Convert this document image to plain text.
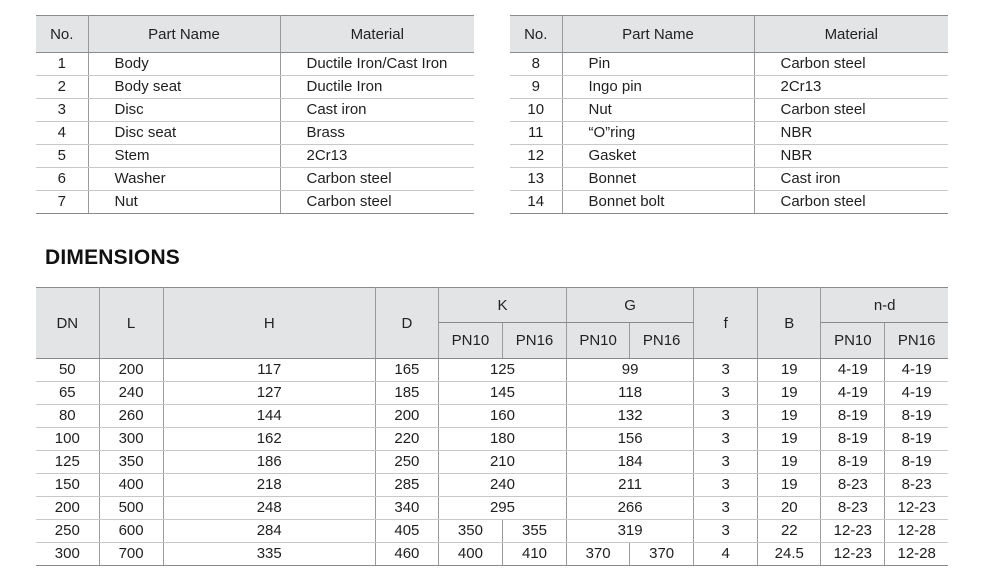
No.	Part Name	Material
1	Body	Ductile Iron/Cast Iron
2	Body seat	Ductile Iron
3	Disc	Cast iron
4	Disc seat	Brass
5	Stem	2Cr13
6	Washer	Carbon steel
7	Nut	Carbon steel
No.	Part Name	Material
8	Pin	Carbon steel
9	Ingo pin	2Cr13
10	Nut	Carbon steel
11	“O”ring	NBR
12	Gasket	NBR
13	Bonnet	Cast iron
14	Bonnet bolt	Carbon steel
DIMENSIONS
DN	L	H	D	K		G		f	B	n-d	
				PN10	PN16	PN10	PN16			PN10	PN16
50	200	117	165	125		99		3	19	4-19	4-19
65	240	127	185	145		118		3	19	4-19	4-19
80	260	144	200	160		132		3	19	8-19	8-19
100	300	162	220	180		156		3	19	8-19	8-19
125	350	186	250	210		184		3	19	8-19	8-19
150	400	218	285	240		211		3	19	8-23	8-23
200	500	248	340	295		266		3	20	8-23	12-23
250	600	284	405	350	355	319		3	22	12-23	12-28
300	700	335	460	400	410	370	370	4	24.5	12-23	12-28
